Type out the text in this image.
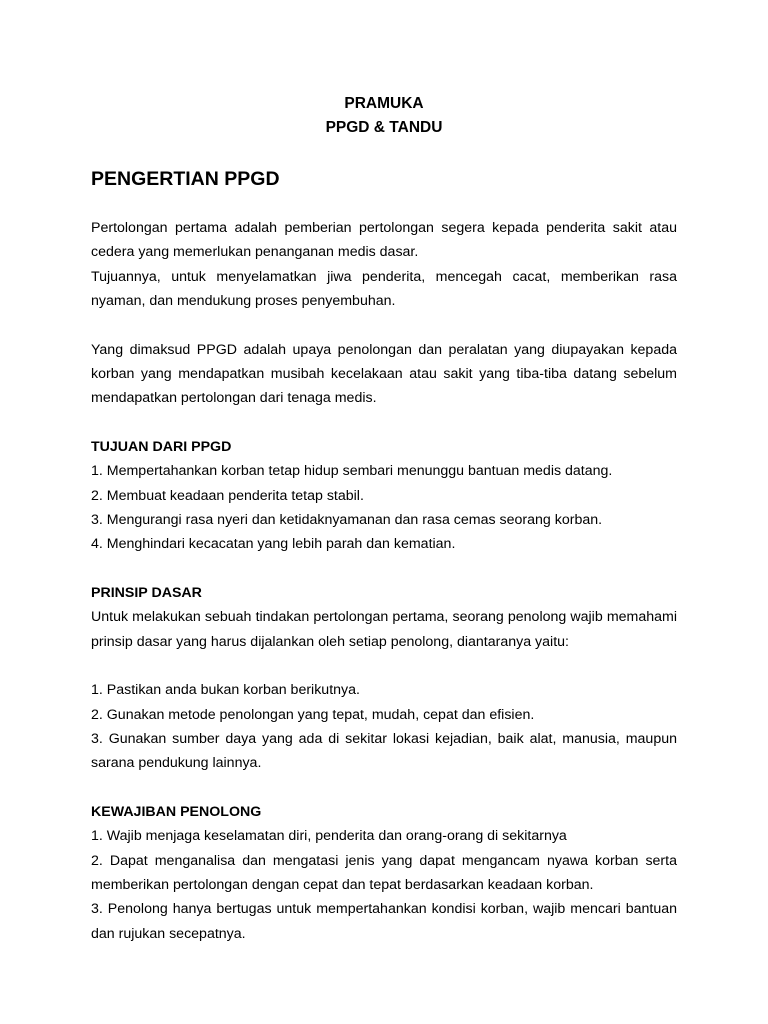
PRAMUKA

PPGD & TANDU

PENGERTIAN PPGD

Pertolongan pertama adalah pemberian pertolongan segera kepada penderita sakit atau cedera yang memerlukan penanganan medis dasar.

Tujuannya, untuk menyelamatkan jiwa penderita, mencegah cacat, memberikan rasa nyaman, dan mendukung proses penyembuhan.

Yang dimaksud PPGD adalah upaya penolongan dan peralatan yang diupayakan kepada korban yang mendapatkan musibah kecelakaan atau sakit yang tiba-tiba datang sebelum mendapatkan pertolongan dari tenaga medis.

TUJUAN DARI PPGD
1. Mempertahankan korban tetap hidup sembari menunggu bantuan medis datang.
2. Membuat keadaan penderita tetap stabil.
3. Mengurangi rasa nyeri dan ketidaknyamanan dan rasa cemas seorang korban.
4. Menghindari kecacatan yang lebih parah dan kematian.
PRINSIP DASAR

Untuk melakukan sebuah tindakan pertolongan pertama, seorang penolong wajib memahami prinsip dasar yang harus dijalankan oleh setiap penolong, diantaranya yaitu:

1. Pastikan anda bukan korban berikutnya.
2. Gunakan metode penolongan yang tepat, mudah, cepat dan efisien.
3. Gunakan sumber daya yang ada di sekitar lokasi kejadian, baik alat, manusia, maupun sarana pendukung lainnya.
KEWAJIBAN PENOLONG
1. Wajib menjaga keselamatan diri, penderita dan orang-orang di sekitarnya
2. Dapat menganalisa dan mengatasi jenis yang dapat mengancam nyawa korban serta memberikan pertolongan dengan cepat dan tepat berdasarkan keadaan korban.
3. Penolong hanya bertugas untuk mempertahankan kondisi korban, wajib mencari bantuan dan rujukan secepatnya.
